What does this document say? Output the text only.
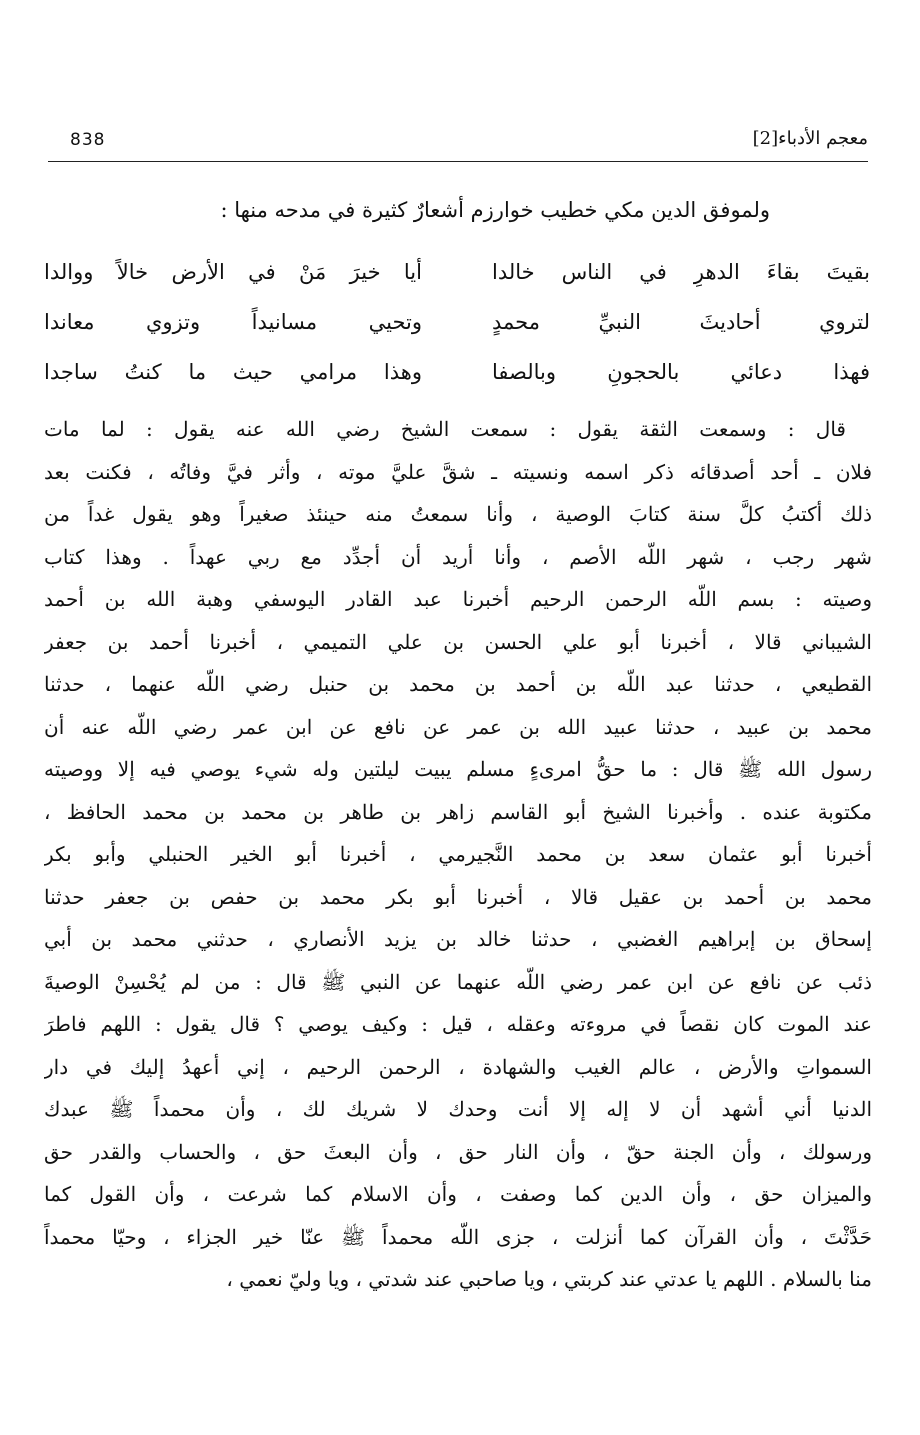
838	معجم الأدباء[2]
ولموفق الدين مكي خطيب خوارزم أشعارٌ كثيرة في مدحه منها :
بقيتَ بقاءَ الدهرِ في الناس خالدا
أيا خيرَ مَنْ في الأرض خالاً ووالدا
لتروي أحاديثَ النبيِّ محمدٍ
وتحيي مسانيداً وتزوي معاندا
فهذا دعائي بالحجونِ وبالصفا
وهذا مرامي حيث ما كنتُ ساجدا
قال : وسمعت الثقة يقول : سمعت الشيخ رضي الله عنه يقول : لما مات
فلان ـ أحد أصدقائه ذكر اسمه ونسيته ـ شقَّ عليَّ موته ، وأثر فيَّ وفاتُه ، فكنت بعد
ذلك أكتبُ كلَّ سنة كتابَ الوصية ، وأنا سمعتُ منه حينئذ صغيراً وهو يقول غداً من
شهر رجب ، شهر اللّه الأصم ، وأنا أريد أن أجدِّد مع ربي عهداً . وهذا كتاب
وصيته : بسم اللّه الرحمن الرحيم أخبرنا عبد القادر اليوسفي وهبة الله بن أحمد
الشيباني قالا ، أخبرنا أبو علي الحسن بن علي التميمي ، أخبرنا أحمد بن جعفر
القطيعي ، حدثنا عبد اللّه بن أحمد بن محمد بن حنبل رضي اللّه عنهما ، حدثنا
محمد بن عبيد ، حدثنا عبيد الله بن عمر عن نافع عن ابن عمر رضي اللّه عنه أن
رسول الله ﷺ قال : ما حقُّ امرىءٍ مسلم يبيت ليلتين وله شيء يوصي فيه إلا ووصيته
مكتوبة عنده . وأخبرنا الشيخ أبو القاسم زاهر بن طاهر بن محمد بن محمد الحافظ ،
أخبرنا أبو عثمان سعد بن محمد النَّجيرمي ، أخبرنا أبو الخير الحنبلي وأبو بكر
محمد بن أحمد بن عقيل قالا ، أخبرنا أبو بكر محمد بن حفص بن جعفر حدثنا
إسحاق بن إبراهيم الغضبي ، حدثنا خالد بن يزيد الأنصاري ، حدثني محمد بن أبي
ذئب عن نافع عن ابن عمر رضي اللّه عنهما عن النبي ﷺ قال : من لم يُحْسِنْ الوصيةَ
عند الموت كان نقصاً في مروءته وعقله ، قيل : وكيف يوصي ؟ قال يقول : اللهم فاطرَ
السمواتِ والأرض ، عالم الغيب والشهادة ، الرحمن الرحيم ، إني أعهدُ إليك في دار
الدنيا أني أشهد أن لا إله إلا أنت وحدك لا شريك لك ، وأن محمداً ﷺ عبدك
ورسولك ، وأن الجنة حقّ ، وأن النار حق ، وأن البعثَ حق ، والحساب والقدر حق
والميزان حق ، وأن الدين كما وصفت ، وأن الاسلام كما شرعت ، وأن القول كما
حَدَّثْتَ ، وأن القرآن كما أنزلت ، جزى اللّه محمداً ﷺ عنّا خير الجزاء ، وحيّا محمداً
منا بالسلام . اللهم يا عدتي عند كربتي ، ويا صاحبي عند شدتي ، ويا وليّ نعمي ،
